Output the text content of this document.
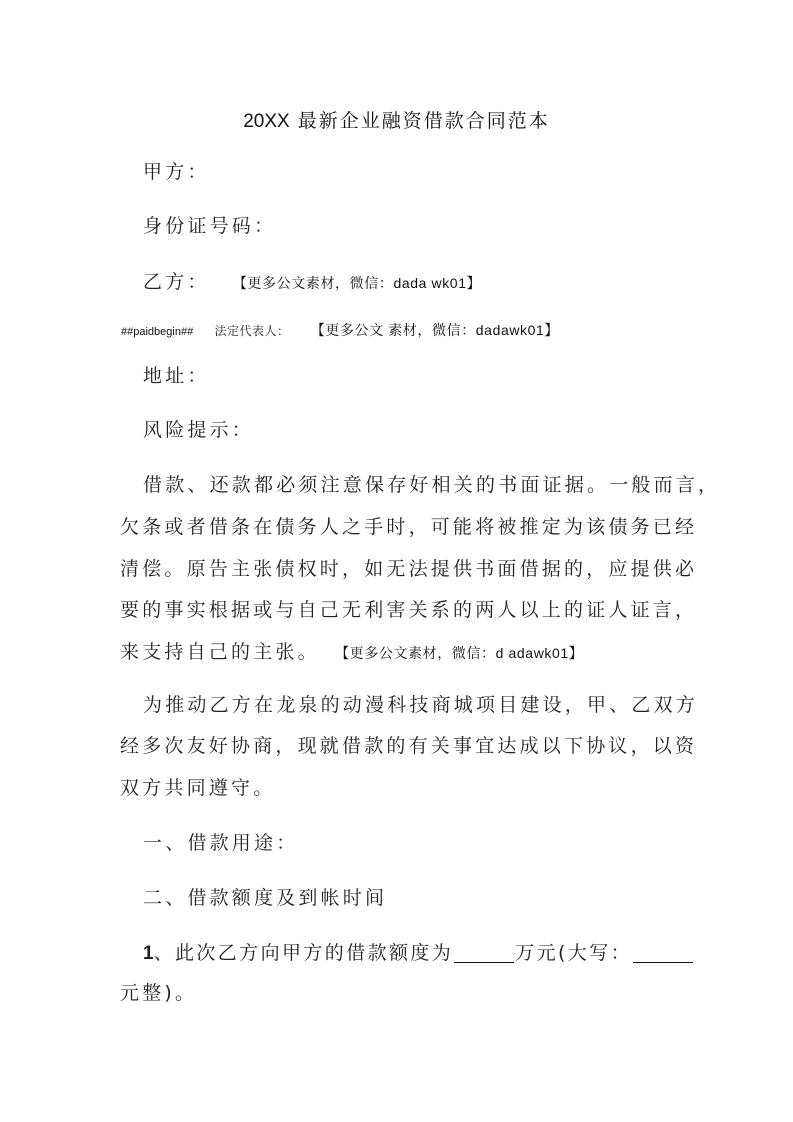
20XX 最新企业融资借款合同范本
甲方：
身份证号码：
乙方： 【更多公文素材，微信：dada wk01】
##paidbegin## 法定代表人： 【更多公文 素材，微信：dadawk01】
地址：
风险提示：
借款、还款都必须注意保存好相关的书面证据。一般而言，
欠条或者借条在债务人之手时，可能将被推定为该债务已经
清偿。原告主张债权时，如无法提供书面借据的，应提供必
要的事实根据或与自己无利害关系的两人以上的证人证言，
来支持自己的主张。 【更多公文素材，微信：d adawk01】
为推动乙方在龙泉的动漫科技商城项目建设，甲、乙双方
经多次友好协商，现就借款的有关事宜达成以下协议，以资
双方共同遵守。
一、借款用途：
二、借款额度及到帐时间
1、此次乙方向甲方的借款额度为	万元(大写：
元整)。
